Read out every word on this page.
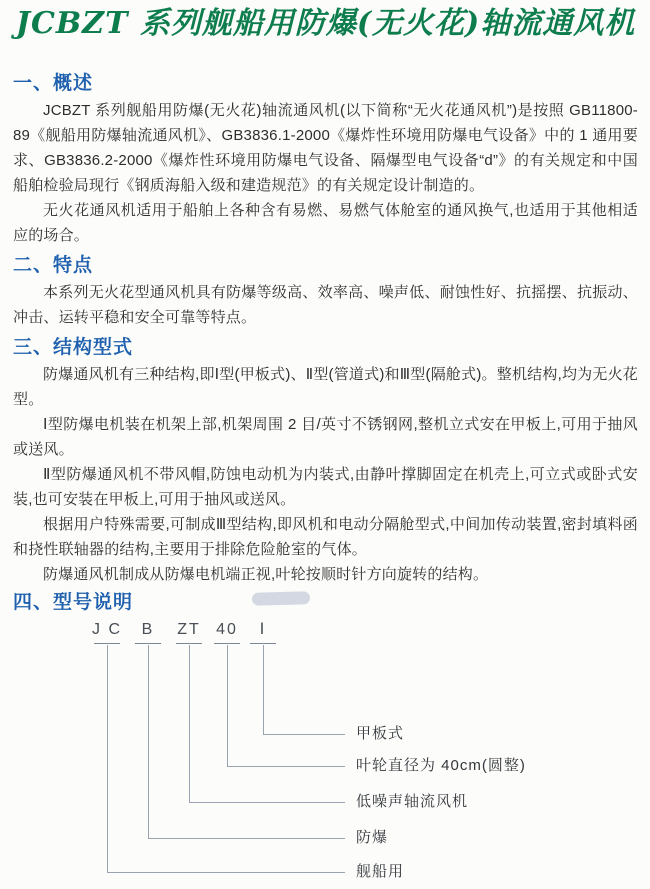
JCBZT 系列舰船用防爆(无火花)轴流通风机
一、概述

JCBZT 系列舰船用防爆(无火花)轴流通风机(以下简称“无火花通风机”)是按照 GB11800-89《舰船用防爆轴流通风机》、GB3836.1-2000《爆炸性环境用防爆电气设备》中的 1 通用要求、GB3836.2-2000《爆炸性环境用防爆电气设备、隔爆型电气设备“d”》的有关规定和中国船舶检验局现行《钢质海船入级和建造规范》的有关规定设计制造的。

无火花通风机适用于船舶上各种含有易燃、易燃气体舱室的通风换气,也适用于其他相适应的场合。

二、特点

本系列无火花型通风机具有防爆等级高、效率高、噪声低、耐蚀性好、抗摇摆、抗振动、冲击、运转平稳和安全可靠等特点。

三、结构型式

防爆通风机有三种结构,即Ⅰ型(甲板式)、Ⅱ型(管道式)和Ⅲ型(隔舱式)。整机结构,均为无火花型。

Ⅰ型防爆电机装在机架上部,机架周围 2 目/英寸不锈钢网,整机立式安在甲板上,可用于抽风或送风。

Ⅱ型防爆通风机不带风帽,防蚀电动机为内装式,由静叶撑脚固定在机壳上,可立式或卧式安装,也可安装在甲板上,可用于抽风或送风。

根据用户特殊需要,可制成Ⅲ型结构,即风机和电动分隔舱型式,中间加传动装置,密封填料函和挠性联轴器的结构,主要用于排除危险舱室的气体。

防爆通风机制成从防爆电机端正视,叶轮按顺时针方向旋转的结构。

四、型号说明
J C
舰船用
B
防爆
ZT
低噪声轴流风机
40
叶轮直径为 40cm(圆整)
Ⅰ
甲板式
